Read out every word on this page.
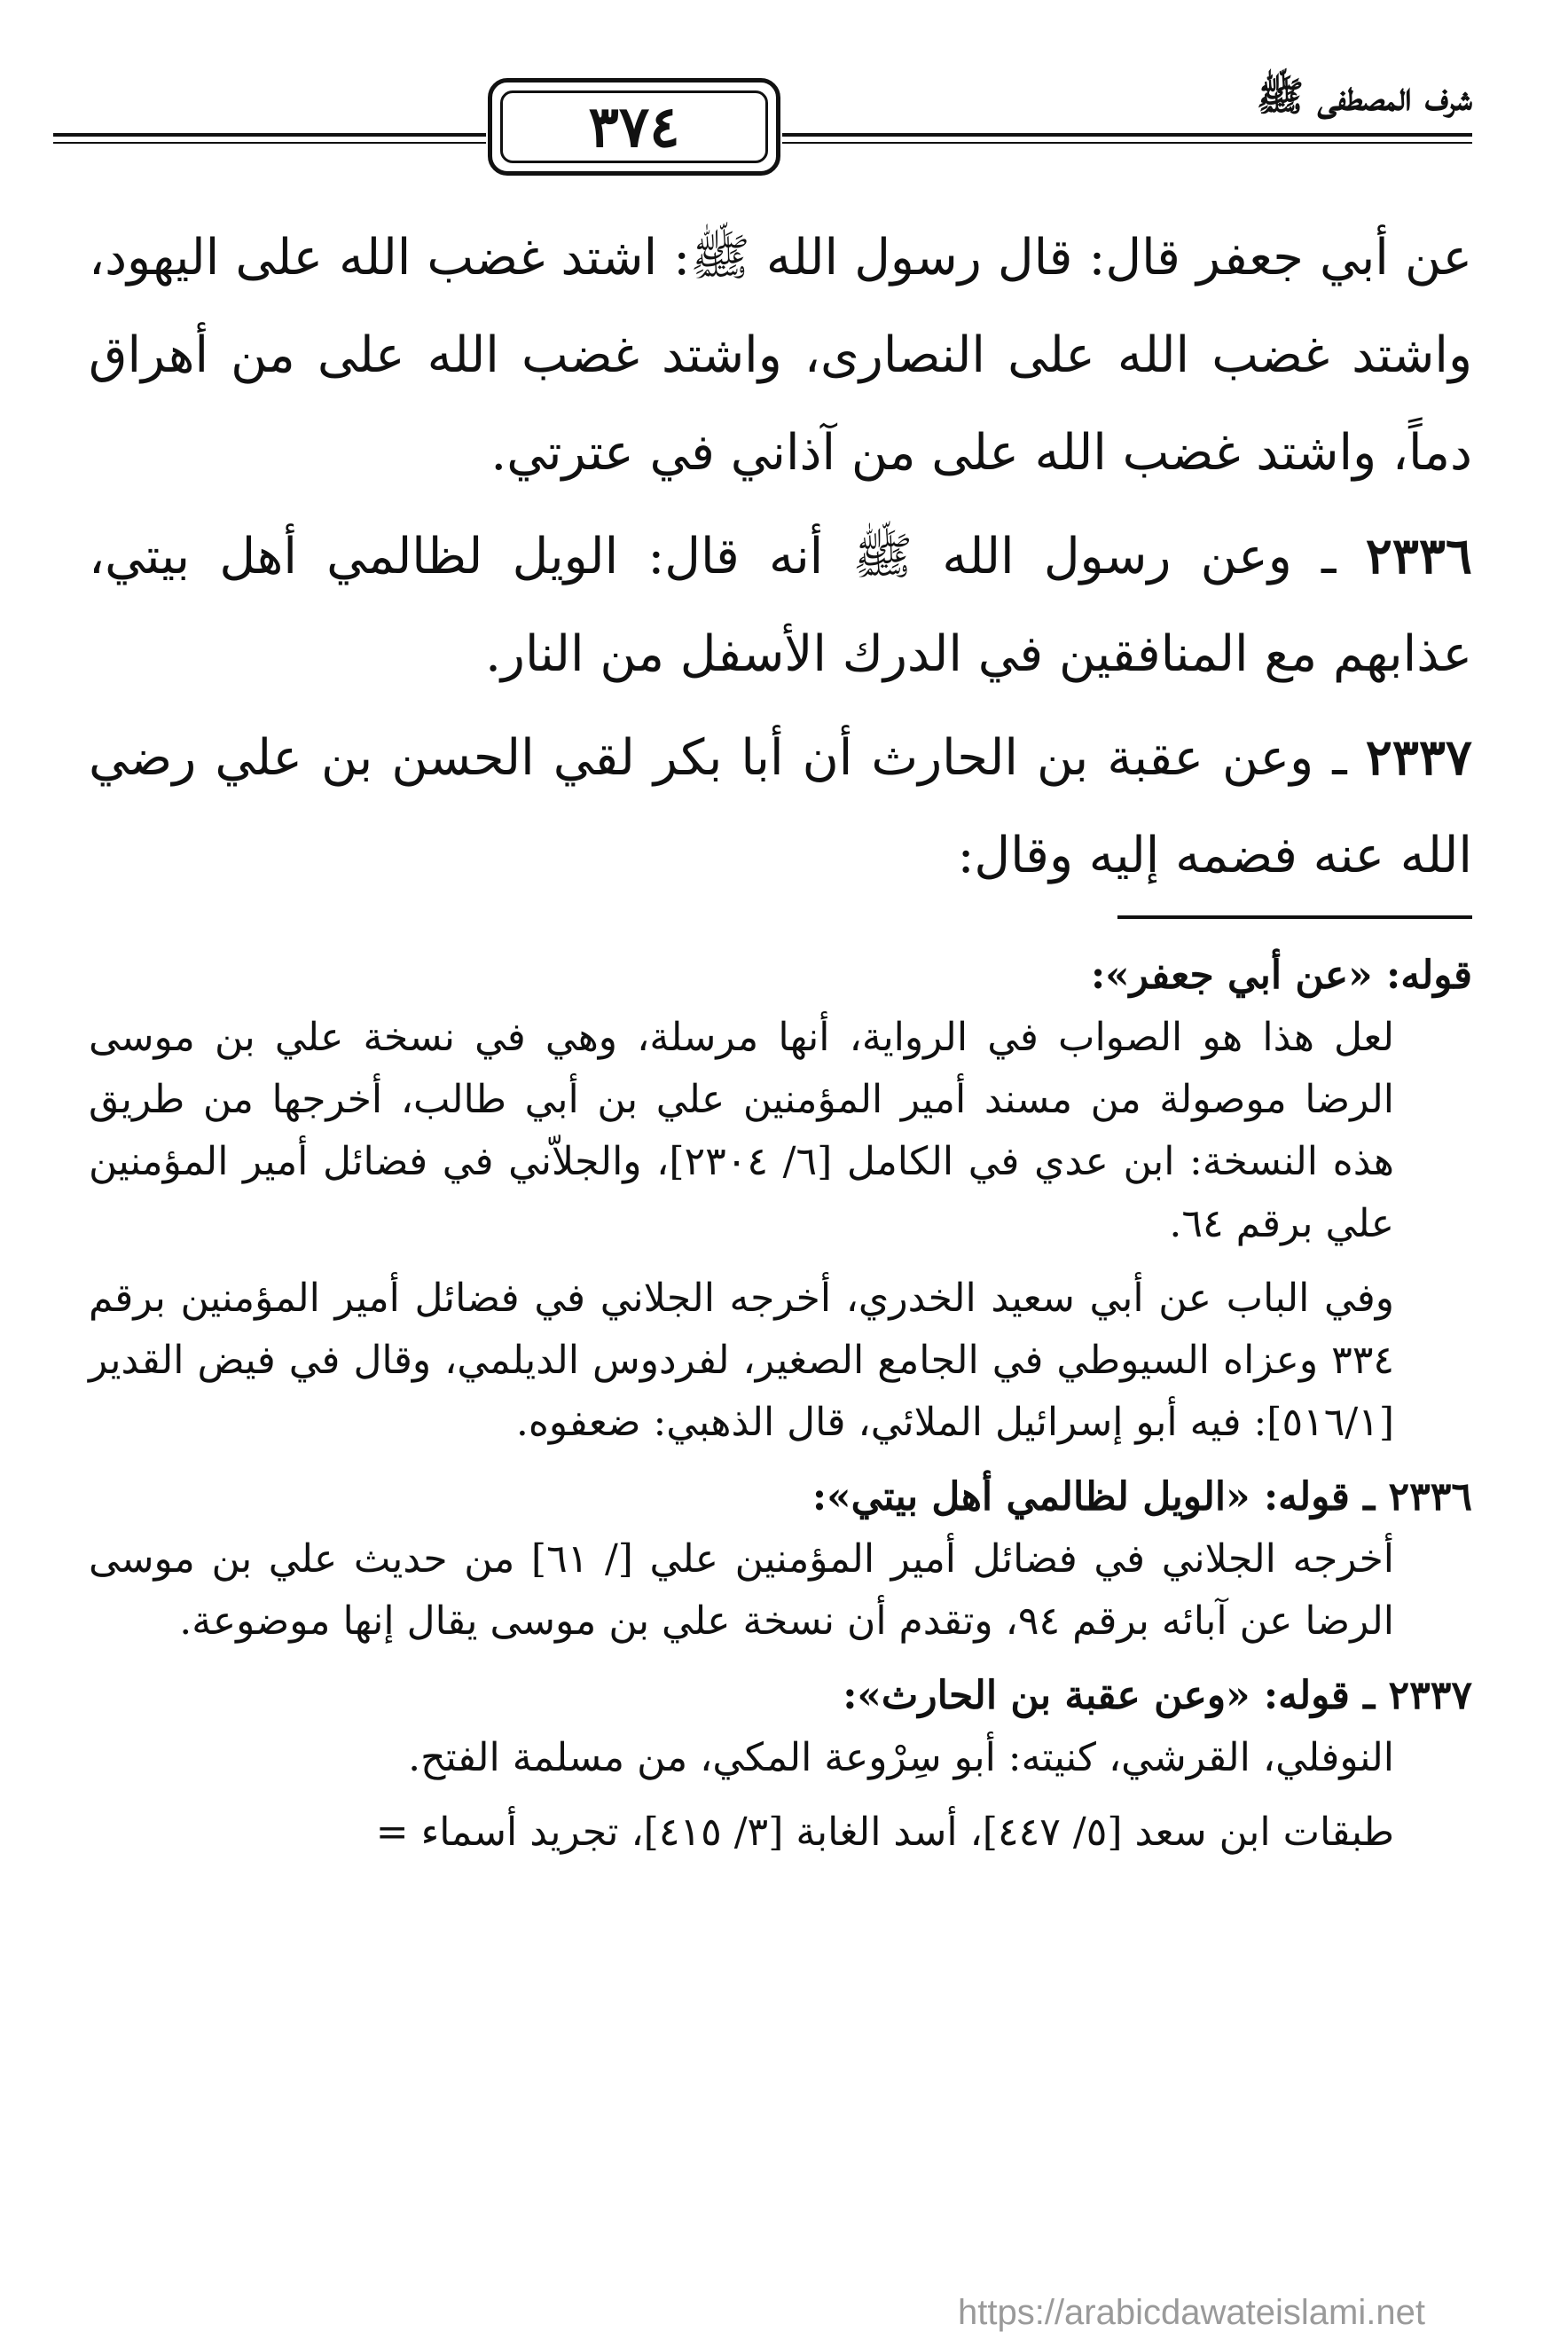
٣٧٤	شرف المصطفى ﷺ

عن أبي جعفر قال: قال رسول الله ﷺ: اشتد غضب الله على اليهود، واشتد غضب الله على النصارى، واشتد غضب الله على من أهراق دماً، واشتد غضب الله على من آذاني في عترتي.

٢٣٣٦ ـ وعن رسول الله ﷺ أنه قال: الويل لظالمي أهل بيتي، عذابهم مع المنافقين في الدرك الأسفل من النار.

٢٣٣٧ ـ وعن عقبة بن الحارث أن أبا بكر لقي الحسن بن علي رضي الله عنه فضمه إليه وقال:

قوله: «عن أبي جعفر»:

لعل هذا هو الصواب في الرواية، أنها مرسلة، وهي في نسخة علي بن موسى الرضا موصولة من مسند أمير المؤمنين علي بن أبي طالب، أخرجها من طريق هذه النسخة: ابن عدي في الكامل [٦/ ٢٣٠٤]، والجلاّني في فضائل أمير المؤمنين علي برقم ٦٤.

وفي الباب عن أبي سعيد الخدري، أخرجه الجلاني في فضائل أمير المؤمنين برقم ٣٣٤ وعزاه السيوطي في الجامع الصغير، لفردوس الديلمي، وقال في فيض القدير [٥١٦/١]: فيه أبو إسرائيل الملائي، قال الذهبي: ضعفوه.

٢٣٣٦ ـ قوله: «الويل لظالمي أهل بيتي»:

أخرجه الجلاني في فضائل أمير المؤمنين علي [/ ٦١] من حديث علي بن موسى الرضا عن آبائه برقم ٩٤، وتقدم أن نسخة علي بن موسى يقال إنها موضوعة.

٢٣٣٧ ـ قوله: «وعن عقبة بن الحارث»:

النوفلي، القرشي، كنيته: أبو سِرْوعة المكي، من مسلمة الفتح.

طبقات ابن سعد [٥/ ٤٤٧]، أسد الغابة [٣/ ٤١٥]، تجريد أسماء =

https://arabicdawateislami.net
